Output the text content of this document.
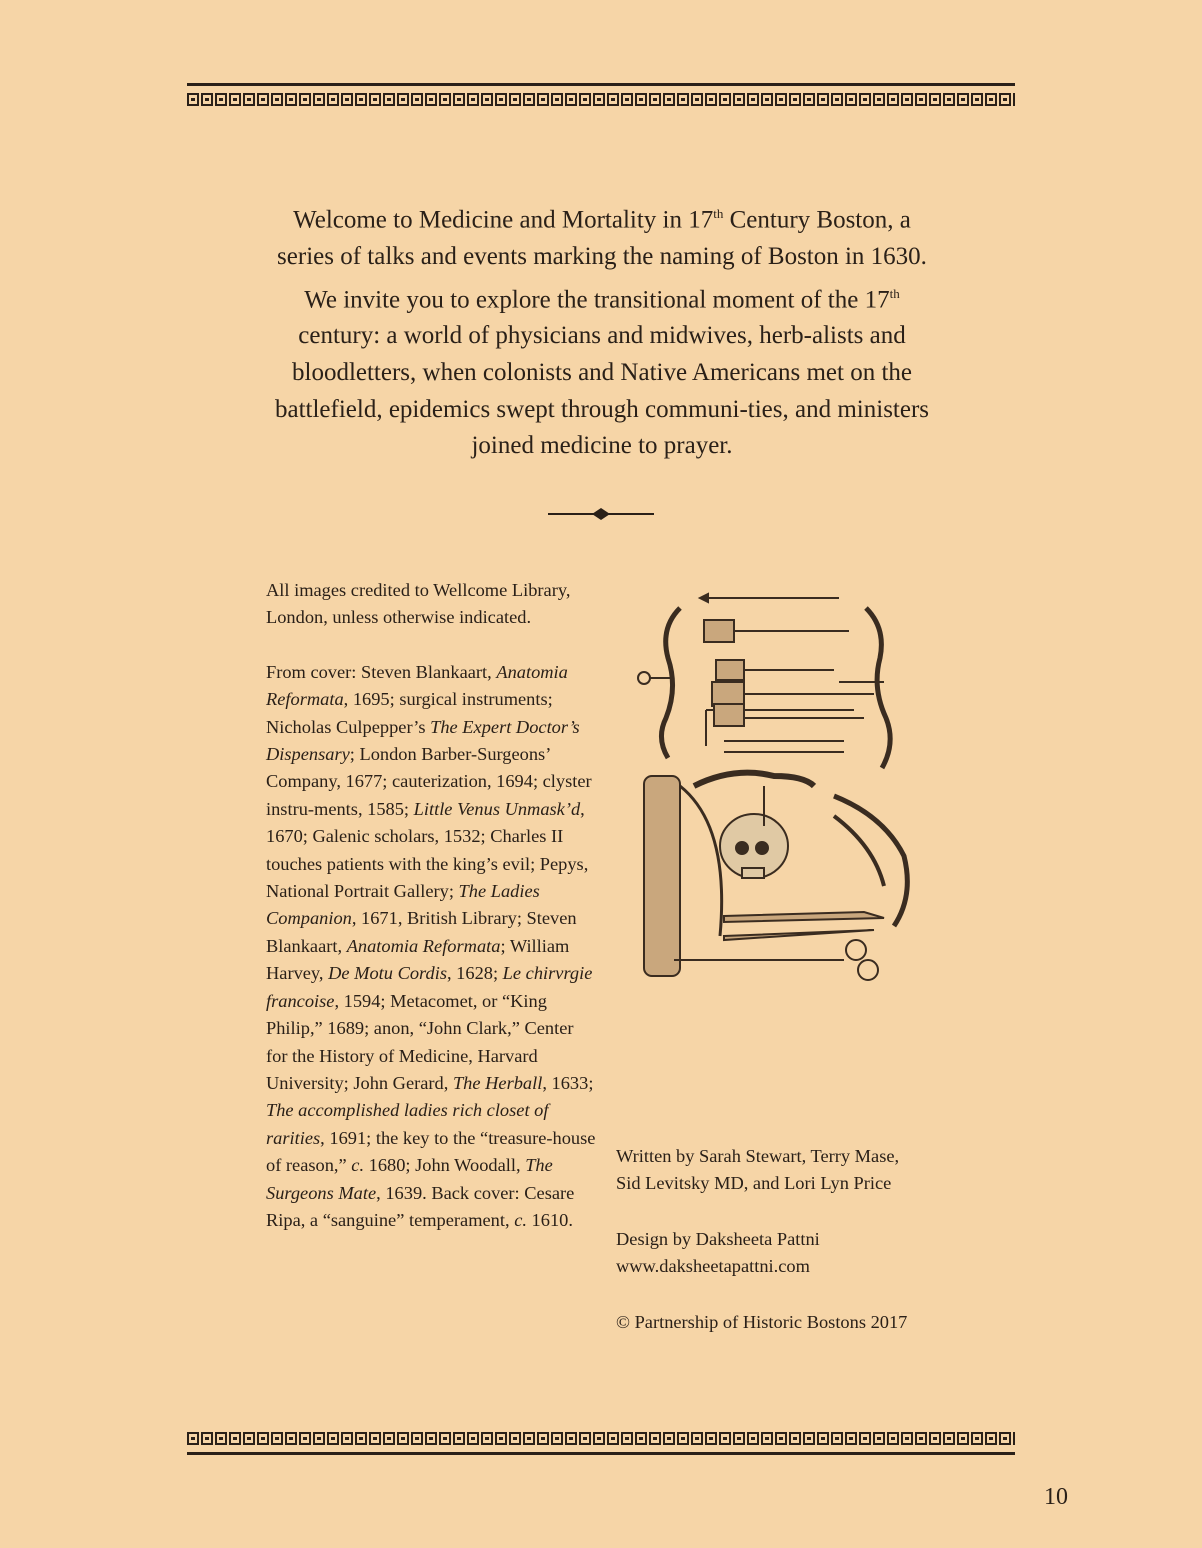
Welcome to Medicine and Mortality in 17th Century Boston, a series of talks and events marking the naming of Boston in 1630. We invite you to explore the transitional moment of the 17th century: a world of physicians and midwives, herb-alists and bloodletters, when colonists and Native Americans met on the battlefield, epidemics swept through communi-ties, and ministers joined medicine to prayer.

All images credited to Wellcome Library, London, unless otherwise indicated.

From cover: Steven Blankaart, Anatomia Reformata, 1695; surgical instruments; Nicholas Culpepper’s The Expert Doctor’s Dispensary; London Barber-Surgeons’ Company, 1677; cauterization, 1694; clyster instru-ments, 1585; Little Venus Unmask’d, 1670; Galenic scholars, 1532; Charles II touches patients with the king’s evil; Pepys, National Portrait Gallery; The Ladies Companion, 1671, British Library; Steven Blankaart, Anatomia Reformata; William Harvey, De Motu Cordis, 1628; Le chirvrgie francoise, 1594; Metacomet, or “King Philip,” 1689; anon, “John Clark,” Center for the History of Medicine, Harvard University; John Gerard, The Herball, 1633; The accomplished ladies rich closet of rarities, 1691; the key to the “treasure-house of reason,” c. 1680; John Woodall, The Surgeons Mate, 1639. Back cover: Cesare Ripa, a “sanguine” temperament, c. 1610.

Written by Sarah Stewart, Terry Mase,
Sid Levitsky MD, and Lori Lyn Price

Design by Daksheeta Pattni
www.daksheetapattni.com

© Partnership of Historic Bostons 2017

10
